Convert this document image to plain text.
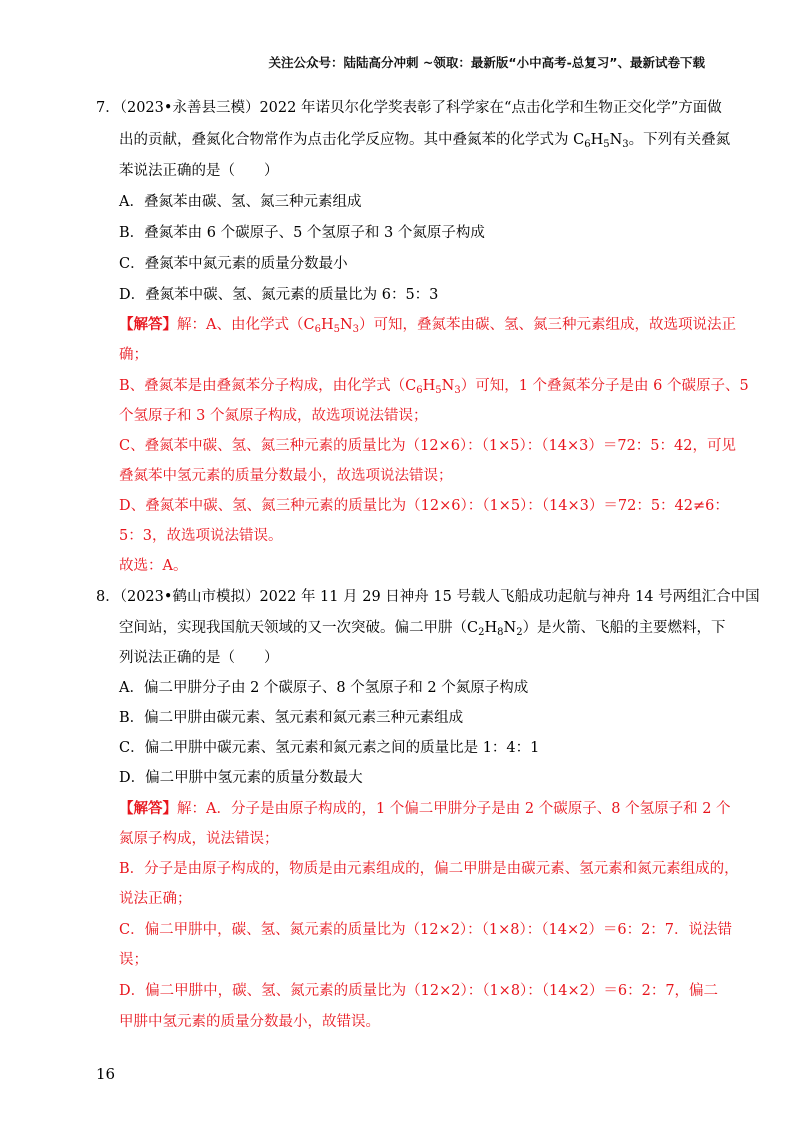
关注公众号：陆陆高分冲刺 ~领取：最新版“小中高考-总复习”、最新试卷下载
7．（2023•永善县三模）2022 年诺贝尔化学奖表彰了科学家在“点击化学和生物正交化学”方面做
出的贡献，叠氮化合物常作为点击化学反应物。其中叠氮苯的化学式为 $C_6H_5N_3$。下列有关叠氮
苯说法正确的是（　　）
A．叠氮苯由碳、氢、氮三种元素组成
B．叠氮苯由 6 个碳原子、5 个氢原子和 3 个氮原子构成
C．叠氮苯中氮元素的质量分数最小
D．叠氮苯中碳、氢、氮元素的质量比为 6：5：3
【解答】解：A、由化学式$(C_6H_5N_3)$可知，叠氮苯由碳、氢、氮三种元素组成，故选项说法正
确；
B、叠氮苯是由叠氮苯分子构成，由化学式$(C_6H_5N_3)$可知，1 个叠氮苯分子是由 6 个碳原子、5
个氢原子和 3 个氮原子构成，故选项说法错误；
C、叠氮苯中碳、氢、氮三种元素的质量比为（12×6）：（1×5）：（14×3）＝72：5：42，可见
叠氮苯中氢元素的质量分数最小，故选项说法错误；
D、叠氮苯中碳、氢、氮三种元素的质量比为（12×6）：（1×5）：（14×3）＝72：5：42≠6：
5：3，故选项说法错误。
故选：A。
8．（2023•鹤山市模拟）2022 年 11 月 29 日神舟 15 号载人飞船成功起航与神舟 14 号两组汇合中国
空间站，实现我国航天领域的又一次突破。偏二甲肼$(C_2H_8N_2)$是火箭、飞船的主要燃料，下
列说法正确的是（　　）
A．偏二甲肼分子由 2 个碳原子、8 个氢原子和 2 个氮原子构成
B．偏二甲肼由碳元素、氢元素和氮元素三种元素组成
C．偏二甲肼中碳元素、氢元素和氮元素之间的质量比是 1：4：1
D．偏二甲肼中氢元素的质量分数最大
【解答】解：A．分子是由原子构成的，1 个偏二甲肼分子是由 2 个碳原子、8 个氢原子和 2 个
氮原子构成，说法错误；
B．分子是由原子构成的，物质是由元素组成的，偏二甲肼是由碳元素、氢元素和氮元素组成的，
说法正确；
C．偏二甲肼中，碳、氢、氮元素的质量比为（12×2）：（1×8）：（14×2）＝6：2：7．说法错
误；
D．偏二甲肼中，碳、氢、氮元素的质量比为（12×2）：（1×8）：（14×2）＝6：2：7，偏二
甲肼中氢元素的质量分数最小，故错误。
16
